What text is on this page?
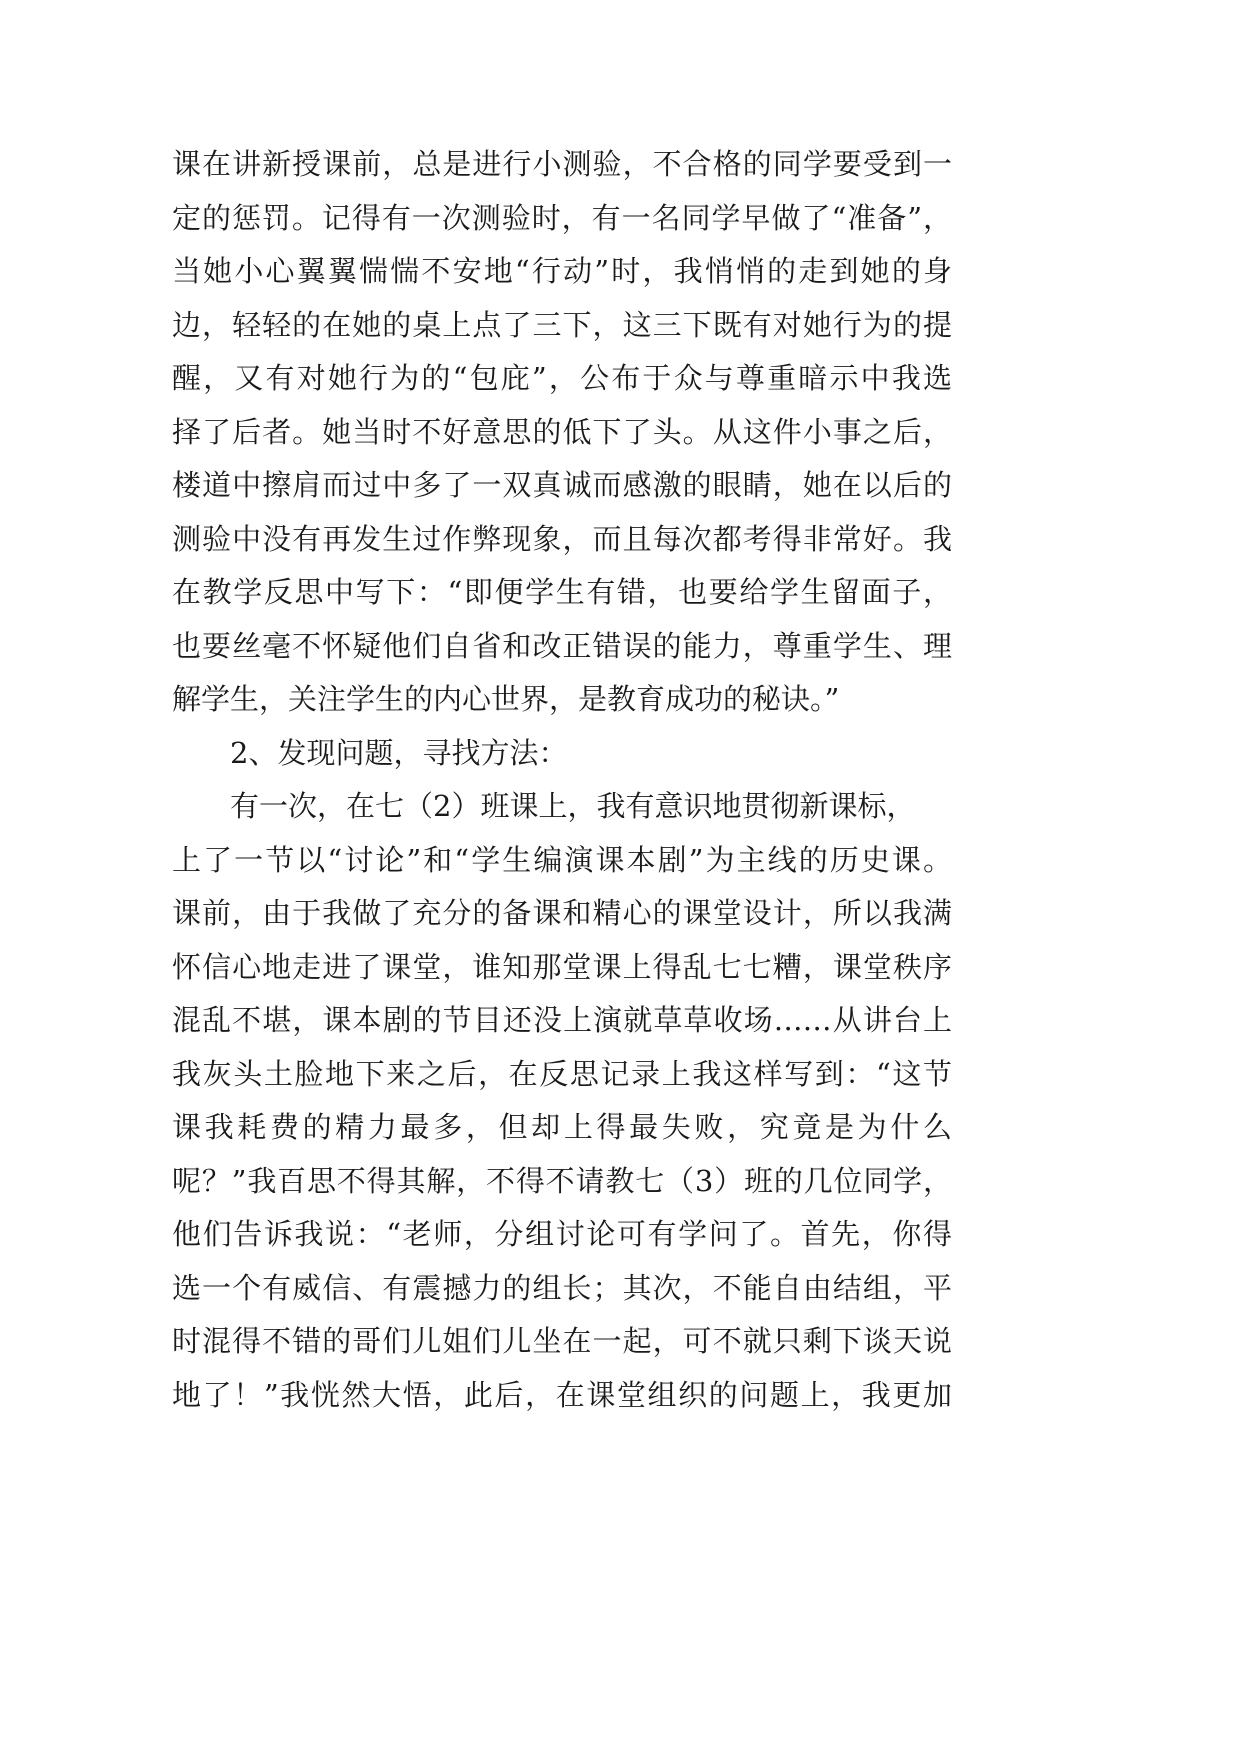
课在讲新授课前，总是进行小测验，不合格的同学要受到一
定的惩罚。记得有一次测验时，有一名同学早做了“准备”，
当她小心翼翼惴惴不安地“行动”时，我悄悄的走到她的身
边，轻轻的在她的桌上点了三下，这三下既有对她行为的提
醒，又有对她行为的“包庇”，公布于众与尊重暗示中我选
择了后者。她当时不好意思的低下了头。从这件小事之后，
楼道中擦肩而过中多了一双真诚而感激的眼睛，她在以后的
测验中没有再发生过作弊现象，而且每次都考得非常好。我
在教学反思中写下：“即便学生有错，也要给学生留面子，
也要丝毫不怀疑他们自省和改正错误的能力，尊重学生、理
解学生，关注学生的内心世界，是教育成功的秘诀。”
2、发现问题，寻找方法：
有一次，在七（2）班课上，我有意识地贯彻新课标，
上了一节以“讨论”和“学生编演课本剧”为主线的历史课。
课前，由于我做了充分的备课和精心的课堂设计，所以我满
怀信心地走进了课堂，谁知那堂课上得乱七七糟，课堂秩序
混乱不堪，课本剧的节目还没上演就草草收场……从讲台上
我灰头土脸地下来之后，在反思记录上我这样写到：“这节
课我耗费的精力最多，但却上得最失败，究竟是为什么
呢？”我百思不得其解，不得不请教七（3）班的几位同学，
他们告诉我说：“老师，分组讨论可有学问了。首先，你得
选一个有威信、有震撼力的组长；其次，不能自由结组，平
时混得不错的哥们儿姐们儿坐在一起，可不就只剩下谈天说
地了！”我恍然大悟，此后，在课堂组织的问题上，我更加
